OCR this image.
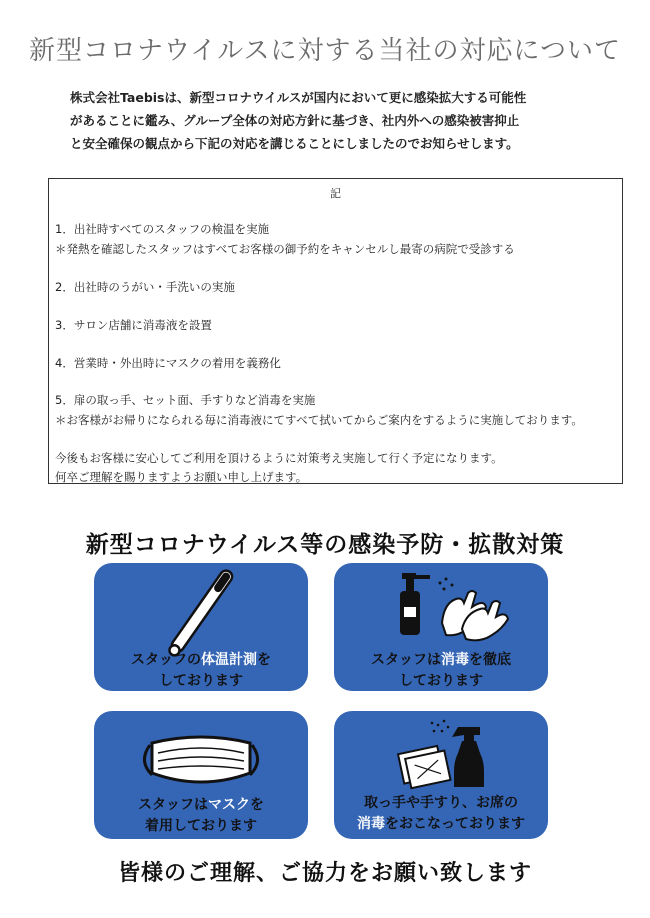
新型コロナウイルスに対する当社の対応について
株式会社Taebisは、新型コロナウイルスが国内において更に感染拡大する可能性
があることに鑑み、グループ全体の対応方針に基づき、社内外への感染被害抑止
と安全確保の観点から下記の対応を講じることにしましたのでお知らせします。
記
1．出社時すべてのスタッフの検温を実施
＊発熱を確認したスタッフはすべてお客様の御予約をキャンセルし最寄の病院で受診する
2．出社時のうがい・手洗いの実施
3．サロン店舗に消毒液を設置
4．営業時・外出時にマスクの着用を義務化
5．扉の取っ手、セット面、手すりなど消毒を実施
＊お客様がお帰りになられる毎に消毒液にてすべて拭いてからご案内をするように実施しております。
今後もお客様に安心してご利用を頂けるように対策考え実施して行く予定になります。
何卒ご理解を賜りますようお願い申し上げます。
新型コロナウイルス等の感染予防・拡散対策
スタッフの体温計測を
しております
スタッフは消毒を徹底
しております
スタッフはマスクを
着用しております
取っ手や手すり、お席の
消毒をおこなっております
皆様のご理解、ご協力をお願い致します
